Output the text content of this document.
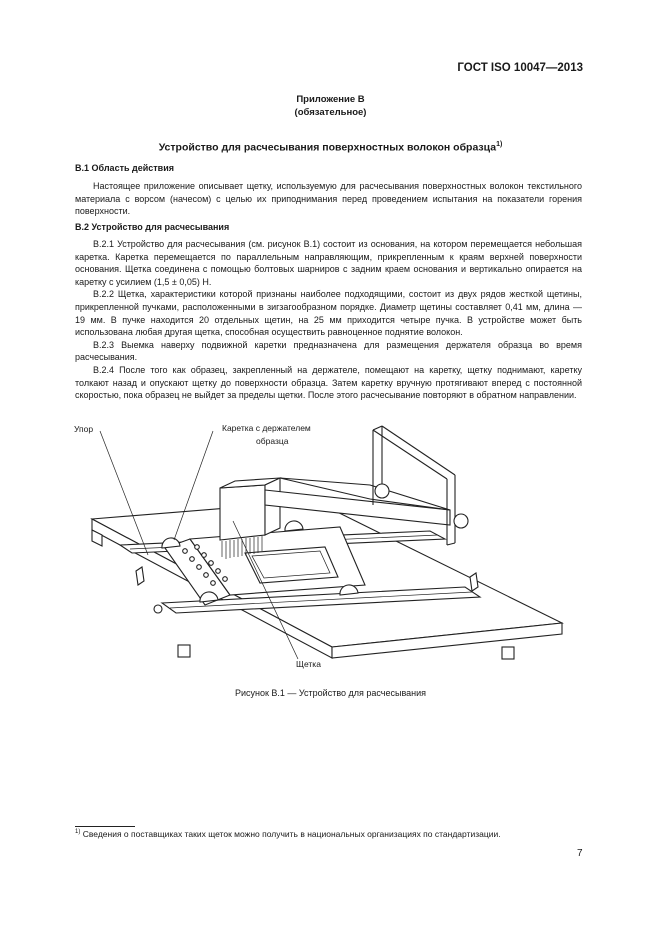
ГОСТ ISO 10047—2013
Приложение В
(обязательное)
Устройство для расчесывания поверхностных волокон образца$^{1)}$
В.1 Область действия

Настоящее приложение описывает щетку, используемую для расчесывания поверхностных волокон текстильного материала с ворсом (начесом) с целью их приподнимания перед проведением испытания на показатели горения поверхности.

В.2 Устройство для расчесывания

В.2.1 Устройство для расчесывания (см. рисунок В.1) состоит из основания, на котором перемещается небольшая каретка. Каретка перемещается по параллельным направляющим, прикрепленным к краям верхней поверхности основания. Щетка соединена с помощью болтовых шарниров с задним краем основания и вертикально опирается на каретку с усилием (1,5 ± 0,05) Н.

В.2.2 Щетка, характеристики которой признаны наиболее подходящими, состоит из двух рядов жесткой щетины, прикрепленной пучками, расположенными в зигзагообразном порядке. Диаметр щетины составляет 0,41 мм, длина — 19 мм. В пучке находится 20 отдельных щетин, на 25 мм приходится четыре пучка. В устройстве может быть использована любая другая щетка, способная осуществить равноценное поднятие волокон.

В.2.3 Выемка наверху подвижной каретки предназначена для размещения держателя образца во время расчесывания.

В.2.4 После того как образец, закрепленный на держателе, помещают на каретку, щетку поднимают, каретку толкают назад и опускают щетку до поверхности образца. Затем каретку вручную протягивают вперед с постоянной скоростью, пока образец не выйдет за пределы щетки. После этого расчесывание повторяют в обратном направлении.

Упор	Каретка с держателем
образца
Щетка
Рисунок В.1 — Устройство для расчесывания
$^{1)}$ Сведения о поставщиках таких щеток можно получить в национальных организациях по стандартизации.
7
